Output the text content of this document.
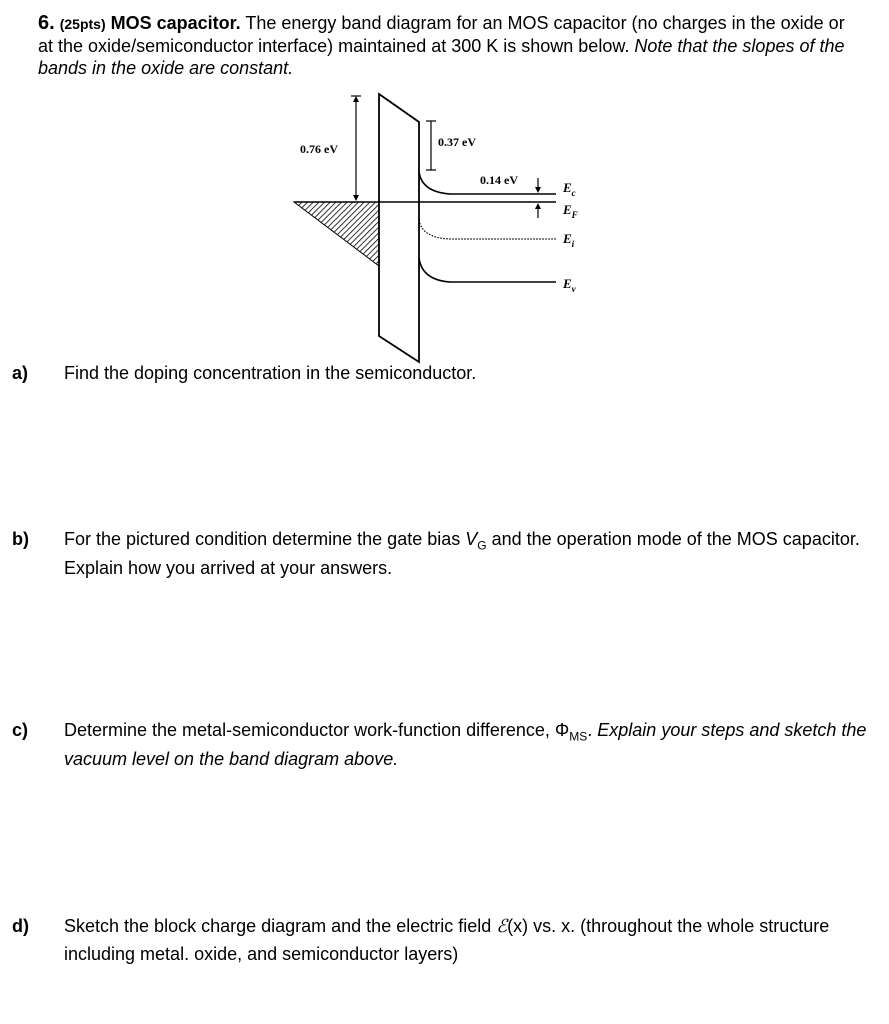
6. (25pts) MOS capacitor. The energy band diagram for an MOS capacitor (no charges in the oxide or at the oxide/semiconductor interface) maintained at 300 K is shown below. Note that the slopes of the bands in the oxide are constant.
0.76 eV	0.37 eV
0.14 eV	$E_c$
$E_F$
$E_i$
$E_v$
a) Find the doping concentration in the semiconductor.
b) For the pictured condition determine the gate bias $V_G$ and the operation mode of the MOS capacitor. Explain how you arrived at your answers.
c) Determine the metal-semiconductor work-function difference, $\Phi_{MS}$. Explain your steps and sketch the vacuum level on the band diagram above.
d) Sketch the block charge diagram and the electric field ℰ(x) vs. x. (throughout the whole structure including metal. oxide, and semiconductor layers)
